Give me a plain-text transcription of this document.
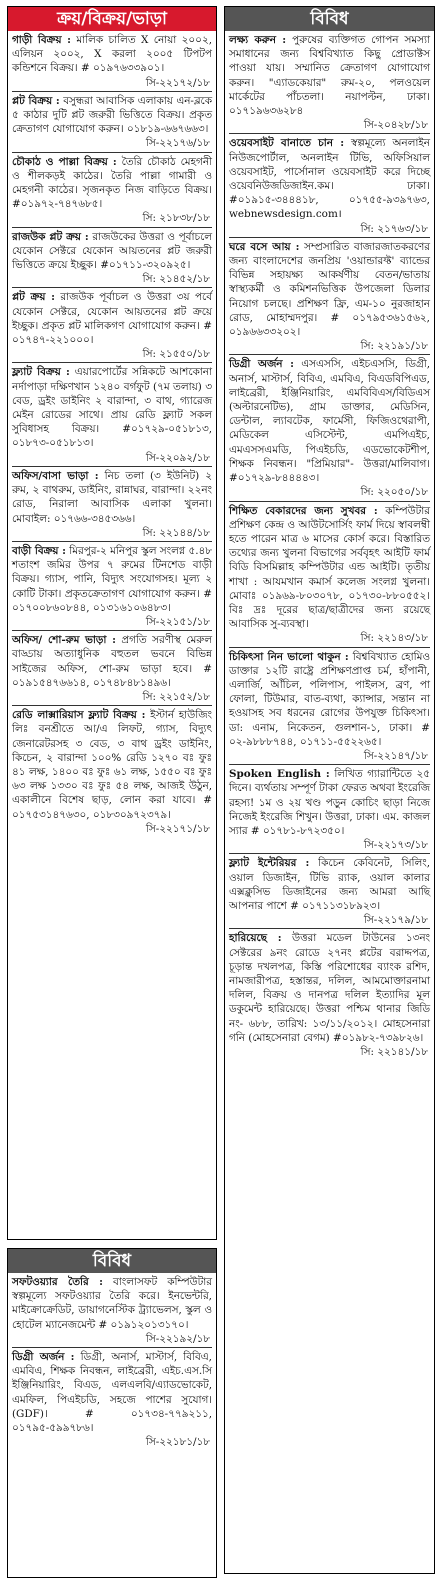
ক্রয়/বিক্রয়/ভাড়া
গাড়ী বিক্রয় : মালিক চালিত X নোয়া ২০০২, এলিয়ন ২০০২, X করলা ২০০৫ টিপটপ কন্ডিশনে বিক্রয়। # ০১৯৭৬৩৩৯০১।
সি-২২১৭২/১৮
প্লট বিক্রয় : বসুন্ধরা আবাসিক এলাকায় এন-ব্লকে ৫ কাঠার দুটি প্লট জরুরী ভিত্তিতে বিক্রয়। প্রকৃত ক্রেতাগণ যোগাযোগ করুন। ০১৮১৯-৬৬৭৬৬৩।
সি-২২১৭৬/১৮
চৌকাঠ ও পাল্লা বিক্রয় : তৈরি চৌকাঠ মেহগনী ও শীলকড়ই কাঠের। তৈরি পাল্লা গামারী ও মেহগনী কাঠের। সৃজনকৃত নিজ বাড়িতে বিক্রয়। #০১৯৭২-৭৪৭৬৮৫।
সি: ২১৮৩৮/১৮
রাজউক প্লট ক্রয় : রাজউকের উত্তরা ও পূর্বাচলে যেকোন সেক্টরে যেকোন আয়তনের প্লট জরুরী ভিত্তিতে ক্রয়ে ইচ্ছুক। #০১৭১১-৩২০৯২৫।
সি: ২১৪৫২/১৮
প্লট ক্রয় : রাজউক পূর্বাচল ও উত্তরা ৩য় পর্বে যেকোন সেক্টরে, যেকোন আয়তনের প্লট ক্রয়ে ইচ্ছুক। প্রকৃত প্লট মালিকগণ যোগাযোগ করুন। # ০১৭৪৭-২২১০০০।
সি: ২১৫৫০/১৮
ফ্ল্যাট বিক্রয় : এয়ারপোর্টের সন্নিকটে আশকোনা নর্দাপাড়া দক্ষিণখান ১২৪০ বর্গফুট (৭ম তলায়) ৩ বেড, ড্রইং ডাইনিং ২ বারান্দা, ৩ বাথ, গ্যারেজ মেইন রোডের সাথে। প্রায় রেডি ফ্ল্যাট সকল সুবিধাসহ বিক্রয়। #০১৭২৯-০৫১৮১৩, ০১৮৭৩-০৫১৮১৩।
সি-২২০৯২/১৮
অফিস/বাসা ভাড়া : নিচ তলা (৩ ইউনিট) ২ রুম, ২ বাথরুম, ডাইনিং, রান্নাঘর, বারান্দা। ২২নং রোড, নিরালা আবাসিক এলাকা খুলনা। মোবাইল: ০১৭৬৬-৩৪৫৩৬৬।
সি: ২২১৪৪/১৮
বাড়ী বিক্রয় : মিরপুর-২ মনিপুর স্কুল সংলগ্ন ৫.৪৮ শতাংশ জমির উপর ৭ রুমের টিনশেড বাড়ী বিক্রয়। গ্যাস, পানি, বিদ্যুৎ সংযোগসহ। মূল্য ২ কোটি টাকা। প্রকৃতক্রেতাগণ যোগাযোগ করুন। # ০১৭০০৮৬০৮৪৪, ০১৩১৬১০৬৪৮৩।
সি-২২১৫১/১৮
অফিস/ শো-রুম ভাড়া : প্রগতি সরণীস্থ মেরুল বাড্ডায় অত্যাধুনিক বহুতল ভবনে বিভিন্ন সাইজের অফিস, শো-রুম ভাড়া হবে। # ০১৯১৫৪৭৬৬১৪, ০১৭৪৮৪৮১৪৯৬।
সি: ২২১৫২/১৮
রেডি লাক্সারিয়াস ফ্ল্যাট বিক্রয় : ইস্টার্ন হাউজিং লিঃ বনশ্রীতে আ/এ লিফট, গ্যাস, বিদ্যুৎ জেনারেটরসহ ৩ বেড, ৩ বাথ ড্রইং ডাইনিং, কিচেন, ২ বারান্দা ১০০% রেডি ১২৭০ বঃ ফুঃ ৪১ লক্ষ, ১৪০০ বঃ ফুঃ ৬১ লক্ষ, ১৫৫০ বঃ ফুঃ ৬৩ লক্ষ ১৩৩০ বঃ ফুঃ ৫৪ লক্ষ, আজই উঠুন, একালীনে বিশেষ ছাড়, লোন করা যাবে। # ০১৭৫৩১৪৭৬৩০, ০১৮৩০৯৭২৩৭৯।
সি-২২১৭১/১৮
বিবিধ
সফটওয়্যার তৈরি : বাংলাসফট কম্পিউটার স্বল্পমূল্যে সফটওয়্যার তৈরি করে। ইনভেন্টরি, মাইক্রোক্রেডিট, ডায়াগনেস্টিক ট্র্যাভেলস, স্কুল ও হোটেল ম্যানেজমেন্ট # ০১৯১২০১৩১৭০।
সি-২২১৯২/১৮
ডিগ্রী অর্জন : ডিগ্রী, অনার্স, মাস্টার্স, বিবিএ, এমবিএ, শিক্ষক নিবন্ধন, লাইব্রেরী, এইচ.এস.সি ইঞ্জিনিয়ারিং, বিএড, এলএলবি/এ্যাডভোকেট, এমফিল, পিএইচডি, সহজে পাশের সুযোগ। (GDF)। # ০১৭৩৪-৭৭৯২১১, ০১৭৯৫-৫৯৯৭৮৬।
সি-২২১৮১/১৮
বিবিধ
লক্ষ্য করুন : পুরুষের ব্যক্তিগত গোপন সমস্যা সমাধানের জন্য বিশ্ববিখ্যাত কিছু প্রোডাক্টস পাওয়া যায়। সম্মানিত ক্রেতাগণ যোগাযোগ করুন। "এ্যাডকেয়ার" রুম-২০, পলওয়েল মার্কেটের পাঁচতলা। নয়াপল্টন, ঢাকা। ০১৭১৯৬৩৬২৮৪
সি-২০৪২৮/১৮
ওয়েবসাইট বানাতে চান : স্বল্পমূল্যে অনলাইন নিউজপোর্টাল, অনলাইন টিভি, অফিসিয়াল ওয়েবসাইট, পার্সোনাল ওয়েবসাইট করে দিচ্ছে ওয়েবনিউজডিজাইন.কম। ঢাকা। #০১৯১৫-৩৪৪৪১৮, ০১৭৫৫-৯৩৯৭৬৩, webnewsdesign.com।
সি: ২১৭৬৩/১৮
ঘরে বসে আয় : সম্প্রসারিত বাজারজাতকরণের জন্য বাংলাদেশের জনপ্রিয় 'ওয়ান্ডারফ্ট' ব্যান্ডের বিভিন্ন সহায়ক্ষ্য আকর্ষণীয় বেতন/ভাতায় স্বাস্থ্যকর্মী ও কমিশনভিত্তিক উপজেলা ডিলার নিয়োগ চলছে। প্রশিক্ষণ ফ্রি, এম-১০ নুরজাহান রোড, মোহাম্মদপুর। # ০১৭৯৫৩৬১৫৬২, ০১৯৬৬৩৩২০২।
সি: ২২১৯১/১৮
ডিগ্রী অর্জন : এসএসসি, এইচএসসি, ডিগ্রী, অনার্স, মাস্টার্স, বিবিএ, এমবিএ, বিএডবিপিএড, লাইব্রেরী, ইঞ্জিনিয়ারিং, এমবিবিএস/বিডিএস (অল্টারনেটিভ), গ্রাম ডাক্তার, মেডিসিন, ডেন্টাল, ল্যাবটেক, ফার্মেসী, ফিজিওথেরাপী, মেডিকেল এসিস্টেন্ট, এমপিএইচ, এমএসসএমডি, পিএইচডি, এডভোকেটশীপ, শিক্ষক নিবন্ধন। "প্রিমিয়ার"- উত্তরা/মালিবাগ। #০১৭২৯-৮৪৪৪৪৩।
সি: ২২০৫০/১৮
শিক্ষিত বেকারদের জন্য সুখবর : কম্পিউটার প্রশিক্ষণ কেন্দ্র ও আউটসোর্সিং ফার্ম দিয়ে স্বাবলম্বী হতে পারেন মাত্র ৬ মাসের কোর্স করে। বিস্তারিত তথ্যের জন্য খুলনা বিভাগের সর্ববৃহৎ আইটি ফার্ম বিডি বিসমিল্লাহ কম্পিউটার এন্ড আইটি। তৃতীয় শাখা : আযমখান কমার্স কলেজ সংলগ্ন খুলনা। মোবাঃ ০১৯৬৯-৮০৩০৭৮, ০১৭৩০-৮৮০৫৫২। বিঃ দ্রঃ দূরের ছাত্র/ছাত্রীদের জন্য রয়েছে আবাসিক সু-ব্যবস্থা।
সি: ২২১৪৩/১৮
চিকিৎসা নিন ভালো থাকুন : বিশ্ববিখ্যাত হোমিও ডাক্তার ১২টি রাষ্ট্রে প্রশিক্ষণপ্রাপ্ত চর্ম, হাঁপানী, এলার্জি, আঁচিল, পলিপাস, পাইলস, ব্রণ, পা ফোলা, টিউমার, বাত-ব্যথা, ক্যান্সার, সন্তান না হওয়াসহ সব ধরনের রোগের উপযুক্ত চিকিৎসা। ডা: এনাম, নিকেতন, গুলশান-১, ঢাকা। # ০২-৯৮৮৮৭৪৪, ০১৭১১-৫৫২২৬৫।
সি-২২১৪৭/১৮
Spoken English : লিখিত গ্যারান্টিতে ২৫ দিনে। ব্যর্থতায় সম্পূর্ণ টাকা ফেরত অথবা ইংরেজি রহস্য! ১ম ও ২য় খণ্ড পড়ুন কোচিং ছাড়া নিজে নিজেই ইংরেজি শিখুন। উত্তরা, ঢাকা। এম. কাজল স্যার # ০১৭৮১-৮৭২৩৫০।
সি-২২১৭৩/১৮
ফ্ল্যাট ইন্টেরিয়র : কিচেন কেবিনেট, সিলিং, ওয়াল ডিজাইন, টিভি র‍্যাক, ওয়াল কালার এক্সক্লুসিভ ডিজাইনের জন্য আমরা আছি আপনার পাশে # ০১৭১১৩১৮৯২৩।
সি-২২১৭৯/১৮
হারিয়েছে : উত্তরা মডেল টাউনের ১৩নং সেক্টরের ৯নং রোডে ২৭নং প্লটের বরাদ্দপত্র, চূড়ান্ত দখলপত্র, কিস্তি পরিশোধের ব্যাংক রশিদ, নামজারীপত্র, হস্তান্তর, দলিল, আমমোক্তারনামা দলিল, বিক্রয় ও দানপত্র দলিল ইত্যাদির মূল ডকুমেন্ট হারিয়েছে। উত্তরা পশ্চিম থানার জিডি নং- ৬৮৮, তারিখ: ১৩/১১/২০১২। মোহসেনারা গনি (মোহসেনারা বেগম) #০১৯৮২-৭৩৯৮২৬।
সি: ২২১৪১/১৮
